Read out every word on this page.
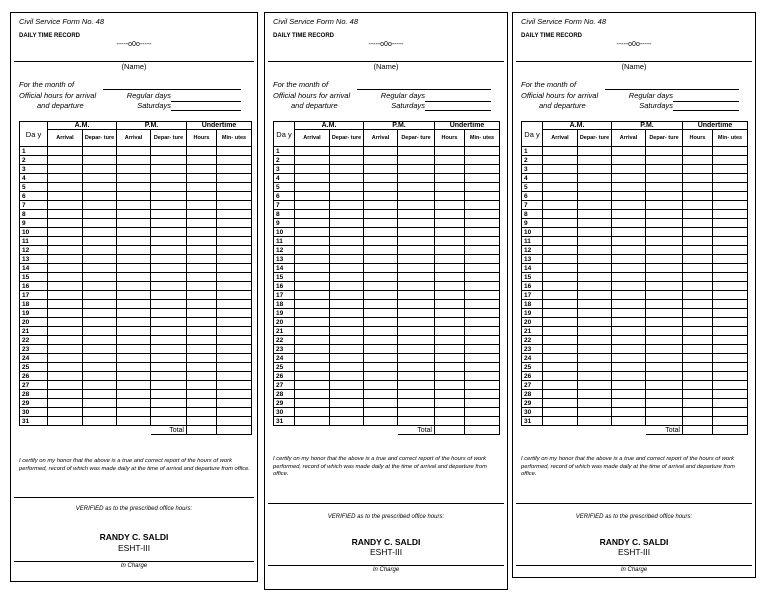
Civil Service Form No. 48
DAILY TIME RECORD
-----o0o-----
(Name)
For the month of
Official hours for arrival
and departure
Regular days
Saturdays
Da y	A.M.		P.M.		Undertime	
	Arrival	Depar- ture	Arrival	Depar- ture	Hours	Min- utes
1						
2						
3						
4						
5						
6						
7						
8						
9						
10						
11						
12						
13						
14						
15						
16						
17						
18						
19						
20						
21						
22						
23						
24						
25						
26						
27						
28						
29						
30						
31						
				Total		
I certify on my honor that the above is a true and correct report of the hours of work performed, record of which was made daily at the time of arrival and departure from office.
VERIFIED as to the prescribed office hours:
RANDY C. SALDI
ESHT-III
In Charge
Civil Service Form No. 48
DAILY TIME RECORD
-----o0o-----
(Name)
For the month of
Official hours for arrival
and departure
Regular days
Saturdays
Da y	A.M.		P.M.		Undertime	
	Arrival	Depar- ture	Arrival	Depar- ture	Hours	Min- utes
1						
2						
3						
4						
5						
6						
7						
8						
9						
10						
11						
12						
13						
14						
15						
16						
17						
18						
19						
20						
21						
22						
23						
24						
25						
26						
27						
28						
29						
30						
31						
				Total		
I certify on my honor that the above is a true and correct report of the hours of work performed, record of which was made daily at the time of arrival and departure from office.
VERIFIED as to the prescribed office hours:
RANDY C. SALDI
ESHT-III
In Charge
Civil Service Form No. 48
DAILY TIME RECORD
-----o0o-----
(Name)
For the month of
Official hours for arrival
and departure
Regular days
Saturdays
Da y	A.M.		P.M.		Undertime	
	Arrival	Depar- ture	Arrival	Depar- ture	Hours	Min- utes
1						
2						
3						
4						
5						
6						
7						
8						
9						
10						
11						
12						
13						
14						
15						
16						
17						
18						
19						
20						
21						
22						
23						
24						
25						
26						
27						
28						
29						
30						
31						
				Total		
I certify on my honor that the above is a true and correct report of the hours of work performed, record of which was made daily at the time of arrival and departure from office.
VERIFIED as to the prescribed office hours:
RANDY C. SALDI
ESHT-III
In Charge
